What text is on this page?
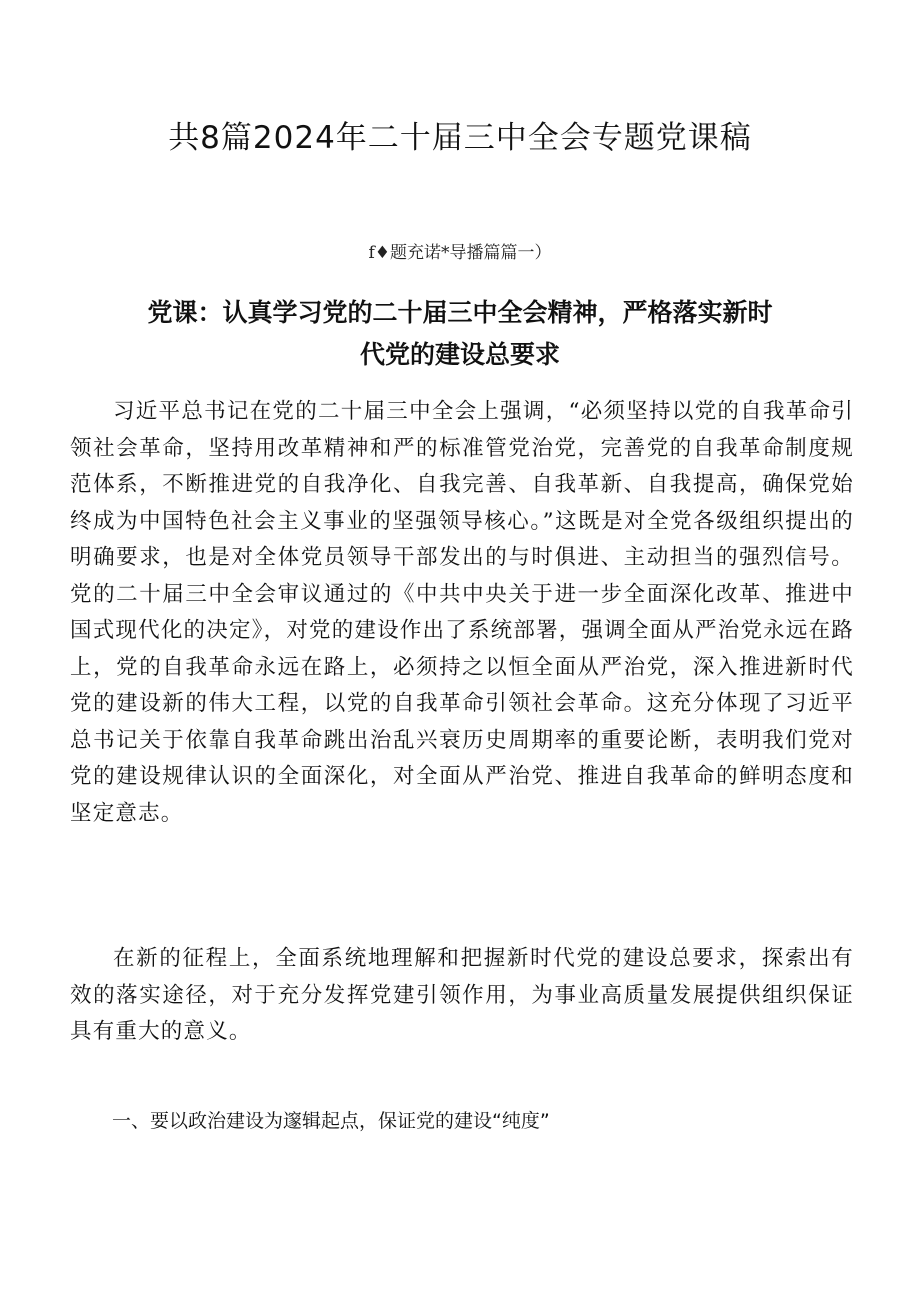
共8篇2024年二十届三中全会专题党课稿
f♦题充诺*导播篇篇一）
党课：认真学习党的二十届三中全会精神，严格落实新时
代党的建设总要求

习近平总书记在党的二十届三中全会上强调，“必须坚持以党的自我革命引领社会革命，坚持用改革精神和严的标准管党治党，完善党的自我革命制度规范体系，不断推进党的自我净化、自我完善、自我革新、自我提高，确保党始终成为中国特色社会主义事业的坚强领导核心。”这既是对全党各级组织提出的明确要求，也是对全体党员领导干部发出的与时俱进、主动担当的强烈信号。党的二十届三中全会审议通过的《中共中央关于进一步全面深化改革、推进中国式现代化的决定》，对党的建设作出了系统部署，强调全面从严治党永远在路上，党的自我革命永远在路上，必须持之以恒全面从严治党，深入推进新时代党的建设新的伟大工程，以党的自我革命引领社会革命。这充分体现了习近平总书记关于依靠自我革命跳出治乱兴衰历史周期率的重要论断，表明我们党对党的建设规律认识的全面深化，对全面从严治党、推进自我革命的鲜明态度和坚定意志。

在新的征程上，全面系统地理解和把握新时代党的建设总要求，探索出有效的落实途径，对于充分发挥党建引领作用，为事业高质量发展提供组织保证具有重大的意义。

一、要以政治建设为邃辑起点，保证党的建设“纯度”
